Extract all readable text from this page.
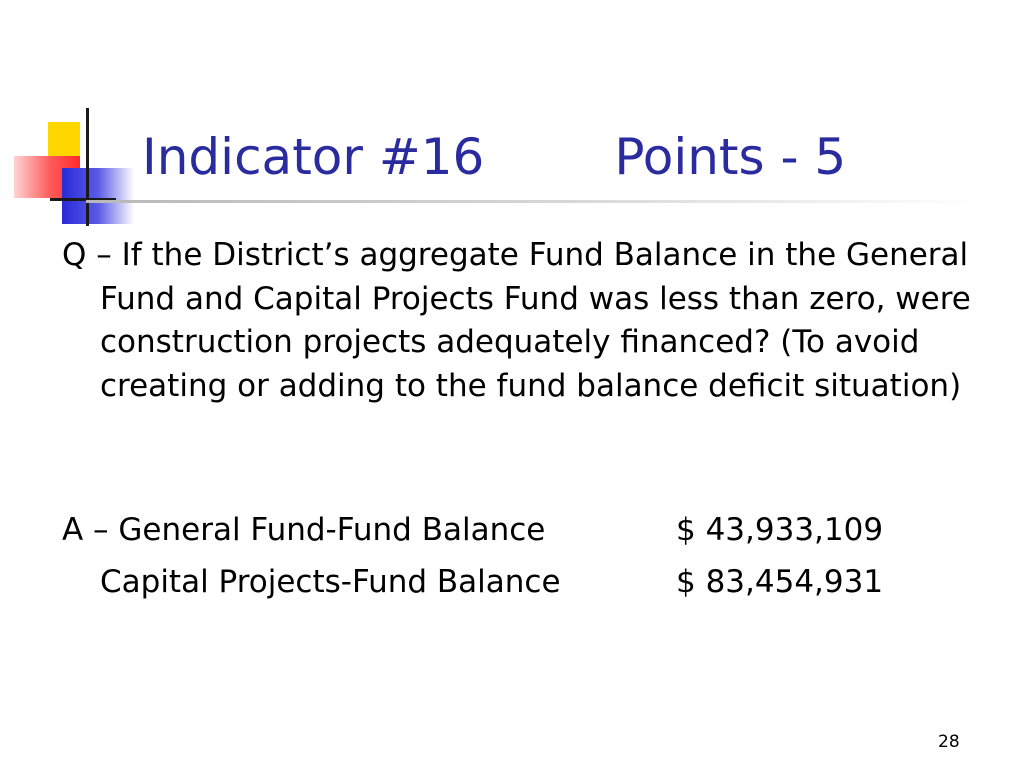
Indicator #16	Points - 5
Q – If the District’s aggregate Fund Balance in the General Fund and Capital Projects Fund was less than zero, were construction projects adequately financed? (To avoid creating or adding to the fund balance deficit situation)
A – General Fund-Fund Balance	$ 43,933,109
Capital Projects-Fund Balance	$ 83,454,931
28
